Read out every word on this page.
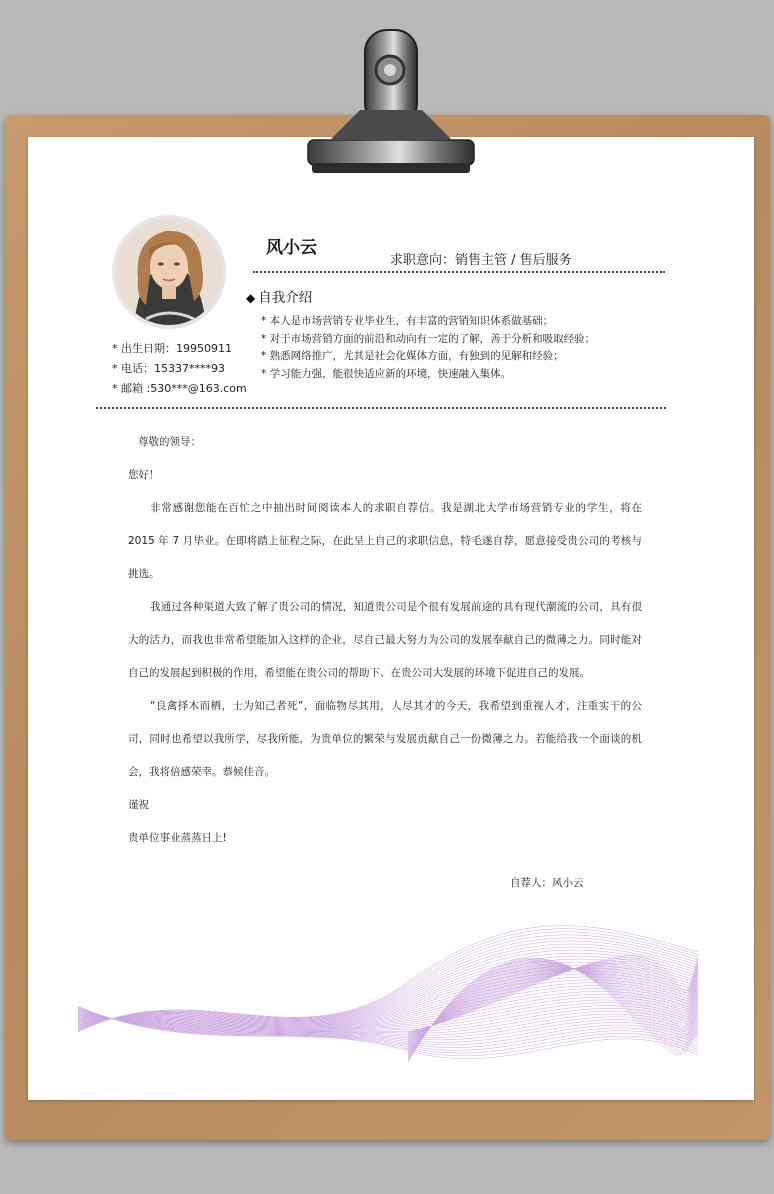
风小云
求职意向：销售主管 / 售后服务
◆ 自我介绍
* 本人是市场营销专业毕业生，有丰富的营销知识体系做基础；
* 对于市场营销方面的前沿和动向有一定的了解，善于分析和吸取经验；
* 熟悉网络推广，尤其是社会化媒体方面，有独到的见解和经验；
* 学习能力强，能很快适应新的环境，快速融入集体。
* 出生日期：19950911
* 电话：15337****93
* 邮箱 :530***@163.com

尊敬的领导：

您好！

非常感谢您能在百忙之中抽出时间阅读本人的求职自荐信。我是湖北大学市场营销专业的学生，将在 2015 年 7 月毕业。在即将踏上征程之际，在此呈上自己的求职信息，特毛遂自荐，愿意接受贵公司的考核与挑选。

我通过各种渠道大致了解了贵公司的情况，知道贵公司是个很有发展前途的具有现代潮流的公司，具有很大的活力，而我也非常希望能加入这样的企业，尽自己最大努力为公司的发展奉献自己的微薄之力。同时能对自己的发展起到积极的作用，希望能在贵公司的帮助下、在贵公司大发展的环境下促进自己的发展。

“良禽择木而栖，士为知己者死”，面临物尽其用，人尽其才的今天，我希望到重视人才，注重实干的公司，同时也希望以我所学，尽我所能，为贵单位的繁荣与发展贡献自己一份微薄之力。若能给我一个面谈的机会，我将倍感荣幸。恭候佳音。

谨祝

贵单位事业蒸蒸日上!

自荐人：风小云
